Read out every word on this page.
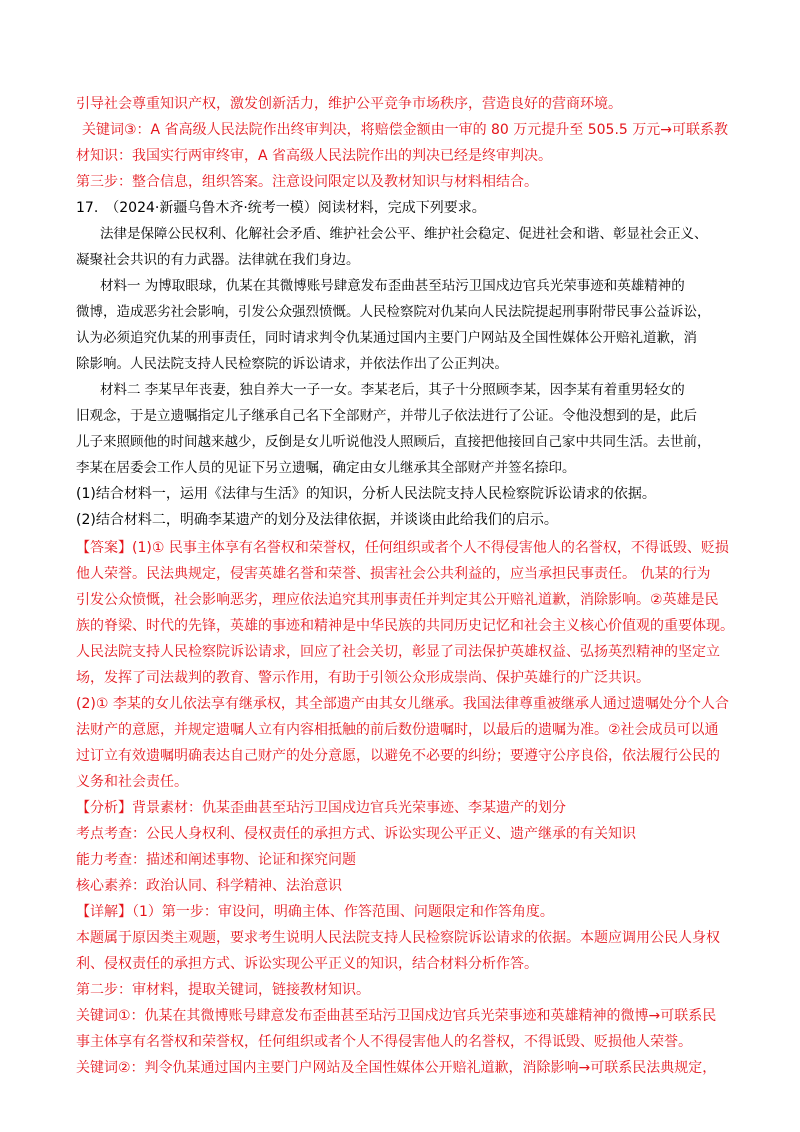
引导社会尊重知识产权，激发创新活力，维护公平竞争市场秩序，营造良好的营商环境。
关键词③：A 省高级人民法院作出终审判决，将赔偿金额由一审的 80 万元提升至 505.5 万元→可联系教
材知识：我国实行两审终审，A 省高级人民法院作出的判决已经是终审判决。
第三步：整合信息，组织答案。注意设问限定以及教材知识与材料相结合。
17.　（2024·新疆乌鲁木齐·统考一模）阅读材料，完成下列要求。
法律是保障公民权利、化解社会矛盾、维护社会公平、维护社会稳定、促进社会和谐、彰显社会正义、
凝聚社会共识的有力武器。法律就在我们身边。
材料一 为博取眼球，仇某在其微博账号肆意发布歪曲甚至玷污卫国戍边官兵光荣事迹和英雄精神的
微博，造成恶劣社会影响，引发公众强烈愤慨。人民检察院对仇某向人民法院提起刑事附带民事公益诉讼，
认为必须追究仇某的刑事责任，同时请求判令仇某通过国内主要门户网站及全国性媒体公开赔礼道歉，消
除影响。人民法院支持人民检察院的诉讼请求，并依法作出了公正判决。
材料二 李某早年丧妻，独自养大一子一女。李某老后，其子十分照顾李某，因李某有着重男轻女的
旧观念，于是立遗嘱指定儿子继承自己名下全部财产，并带儿子依法进行了公证。令他没想到的是，此后
儿子来照顾他的时间越来越少，反倒是女儿听说他没人照顾后，直接把他接回自己家中共同生活。去世前，
李某在居委会工作人员的见证下另立遗嘱，确定由女儿继承其全部财产并签名捺印。
(1)结合材料一，运用《法律与生活》的知识，分析人民法院支持人民检察院诉讼请求的依据。
(2)结合材料二，明确李某遗产的划分及法律依据，并谈谈由此给我们的启示。
【答案】(1)① 民事主体享有名誉权和荣誉权，任何组织或者个人不得侵害他人的名誉权，不得诋毁、贬损
他人荣誉。民法典规定，侵害英雄名誉和荣誉、损害社会公共利益的，应当承担民事责任。 仇某的行为
引发公众愤慨，社会影响恶劣，理应依法追究其刑事责任并判定其公开赔礼道歉，消除影响。②英雄是民
族的脊梁、时代的先锋，英雄的事迹和精神是中华民族的共同历史记忆和社会主义核心价值观的重要体现。
人民法院支持人民检察院诉讼请求，回应了社会关切，彰显了司法保护英雄权益、弘扬英烈精神的坚定立
场，发挥了司法裁判的教育、警示作用，有助于引领公众形成崇尚、保护英雄行的广泛共识。
(2)① 李某的女儿依法享有继承权，其全部遗产由其女儿继承。我国法律尊重被继承人通过遗嘱处分个人合
法财产的意愿，并规定遗嘱人立有内容相抵触的前后数份遗嘱时，以最后的遗嘱为准。②社会成员可以通
过订立有效遗嘱明确表达自己财产的处分意愿，以避免不必要的纠纷；要遵守公序良俗，依法履行公民的
义务和社会责任。
【分析】背景素材：仇某歪曲甚至玷污卫国戍边官兵光荣事迹、李某遗产的划分
考点考查：公民人身权利、侵权责任的承担方式、诉讼实现公平正义、遗产继承的有关知识
能力考查：描述和阐述事物、论证和探究问题
核心素养：政治认同、科学精神、法治意识
【详解】（1）第一步：审设问，明确主体、作答范围、问题限定和作答角度。
本题属于原因类主观题，要求考生说明人民法院支持人民检察院诉讼请求的依据。本题应调用公民人身权
利、侵权责任的承担方式、诉讼实现公平正义的知识，结合材料分析作答。
第二步：审材料，提取关键词，链接教材知识。
关键词①：仇某在其微博账号肆意发布歪曲甚至玷污卫国戍边官兵光荣事迹和英雄精神的微博→可联系民
事主体享有名誉权和荣誉权，任何组织或者个人不得侵害他人的名誉权，不得诋毁、贬损他人荣誉。
关键词②：判令仇某通过国内主要门户网站及全国性媒体公开赔礼道歉，消除影响→可联系民法典规定，
